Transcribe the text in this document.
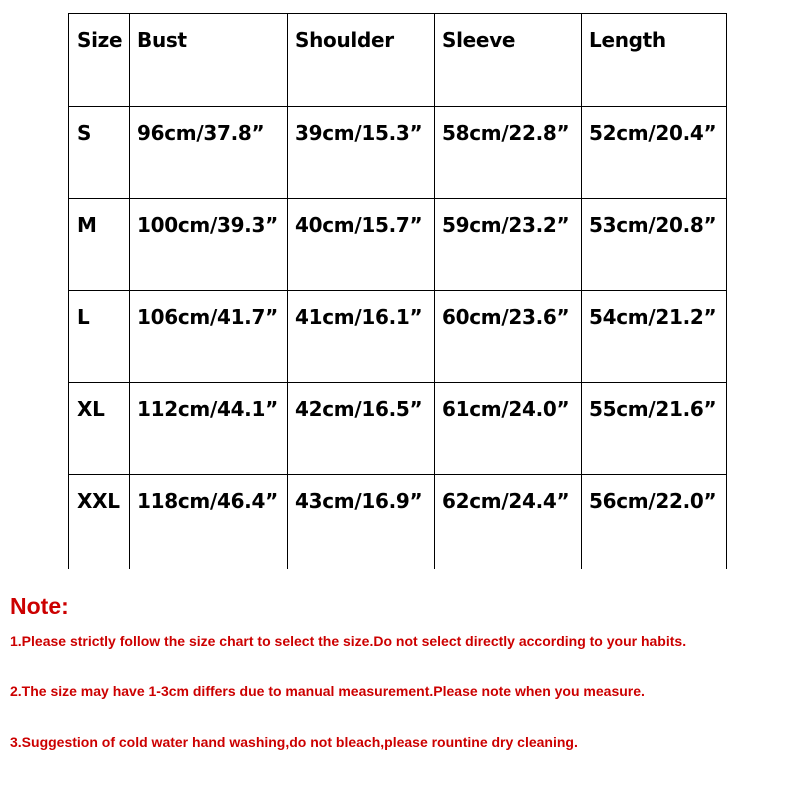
Size	Bust	Shoulder	Sleeve	Length
S	96cm/37.8”	39cm/15.3”	58cm/22.8”	52cm/20.4”
M	100cm/39.3”	40cm/15.7”	59cm/23.2”	53cm/20.8”
L	106cm/41.7”	41cm/16.1”	60cm/23.6”	54cm/21.2”
XL	112cm/44.1”	42cm/16.5”	61cm/24.0”	55cm/21.6”
XXL	118cm/46.4”	43cm/16.9”	62cm/24.4”	56cm/22.0”

Note:

1.Please strictly follow the size chart to select the size.Do not select directly according to your habits.

2.The size may have 1-3cm differs due to manual measurement.Please note when you measure.

3.Suggestion of cold water hand washing,do not bleach,please rountine dry cleaning.
